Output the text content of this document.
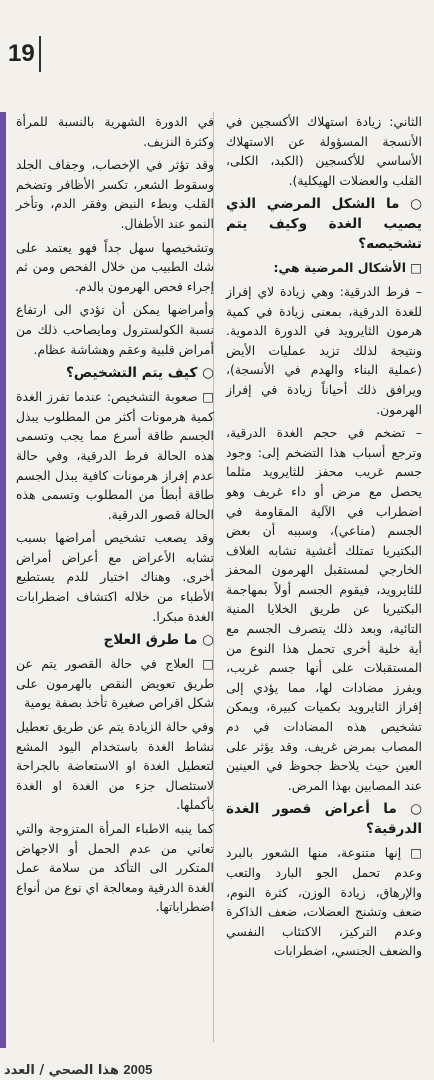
19

الثاني: زيادة استهلاك الأكسجين في الأنسجة المسؤولة عن الاستهلاك الأساسي للأكسجين (الكبد، الكلى، القلب والعضلات الهيكلية).

○ ما الشكل المرضي الذي يصيب الغدة وكيف يتم تشخيصه؟

□ الأشكال المرضية هي:

– فرط الدرقية: وهي زيادة لاي إفراز للغدة الدرقية، بمعنى زيادة في كمية هرمون الثايرويد في الدورة الدموية. ونتيجة لذلك تزيد عمليات الأيض (عملية البناء والهدم في الأنسجة)، ويرافق ذلك أحياناً زيادة في إفراز الهرمون.

– تضخم في حجم الغدة الدرقية، وترجع أسباب هذا التضخم إلى: وجود جسم غريب محفز للثايرويد مثلما يحصل مع مرض أو داء غريف وهو اضطراب في الآلية المقاومة في الجسم (مناعي)، وسببه أن بعض البكتيريا تمتلك أغشية تشابه الغلاف الخارجي لمستقبل الهرمون المحفز للثايرويد، فيقوم الجسم أولاً بمهاجمة البكتيريا عن طريق الخلايا المنية التائية، وبعد ذلك يتصرف الجسم مع أية خلية أخرى تحمل هذا النوع من المستقبلات على أنها جسم غريب، ويفرز مضادات لها، مما يؤدي إلى إفراز الثايرويد بكميات كبيرة، ويمكن تشخيص هذه المضادات في دم المصاب بمرض غريف. وقد يؤثر على العين حيث يلاحظ جحوظ في العينين عند المصابين بهذا المرض.

○ ما أعراض قصور الغدة الدرقية؟

□ إنها متنوعة، منها الشعور بالبرد وعدم تحمل الجو البارد والتعب والإرهاق، زيادة الوزن، كثرة النوم، ضعف وتشنج العضلات، ضعف الذاكرة وعدم التركيز، الاكتئاب النفسي والضعف الجنسي، اضطرابات

في الدورة الشهرية بالنسبة للمرأة وكثرة النزيف.

وقد تؤثر في الإخصاب، وجفاف الجلد وسقوط الشعر، تكسر الأظافر وتضخم القلب وبطء النبض وفقر الدم، وتأخر النمو عند الأطفال.

وتشخيصها سهل جداً فهو يعتمد على شك الطبيب من خلال الفحص ومن ثم إجراء فحص الهرمون بالدم.

وأمراضها يمكن أن تؤدي الى ارتفاع نسبة الكولسترول ومايصاحب ذلك من أمراض قلبية وعقم وهشاشة عظام.

○ كيف يتم التشخيص؟

□ صعوبة التشخيص: عندما تفرز الغدة كمية هرمونات أكثر من المطلوب يبذل الجسم طاقة أسرع مما يجب وتسمى هذه الحالة فرط الدرقية، وفي حالة عدم إفراز هرمونات كافية يبذل الجسم طاقة أبطأ من المطلوب وتسمى هذه الحالة قصور الدرقية.

وقد يصعب تشخيص أمراضها بسبب تشابه الأعراض مع أعراض أمراض أخرى. وهناك اختبار للدم يستطيع الأطباء من خلاله اكتشاف اضطرابات الغدة مبكرا.

○ ما طرق العلاج

□ العلاج في حالة القصور يتم عن طريق تعويض النقص بالهرمون على شكل اقراص صغيرة تأخذ بصفة يومية

وفي حالة الزيادة يتم عن طريق تعطيل نشاط الغدة باستخدام اليود المشع لتعطيل الغدة او الاستعاضة بالجراحة لاستئصال جزء من الغدة او الغدة بأكملها.

كما ينبه الاطباء المرأة المتزوجة والتي تعاني من عدم الحمل أو الاجهاض المتكرر الى التأكد من سلامة عمل الغدة الدرقية ومعالجة اي نوع من أنواع اضطراباتها.

2005 هذا الص‏حي / العدد
